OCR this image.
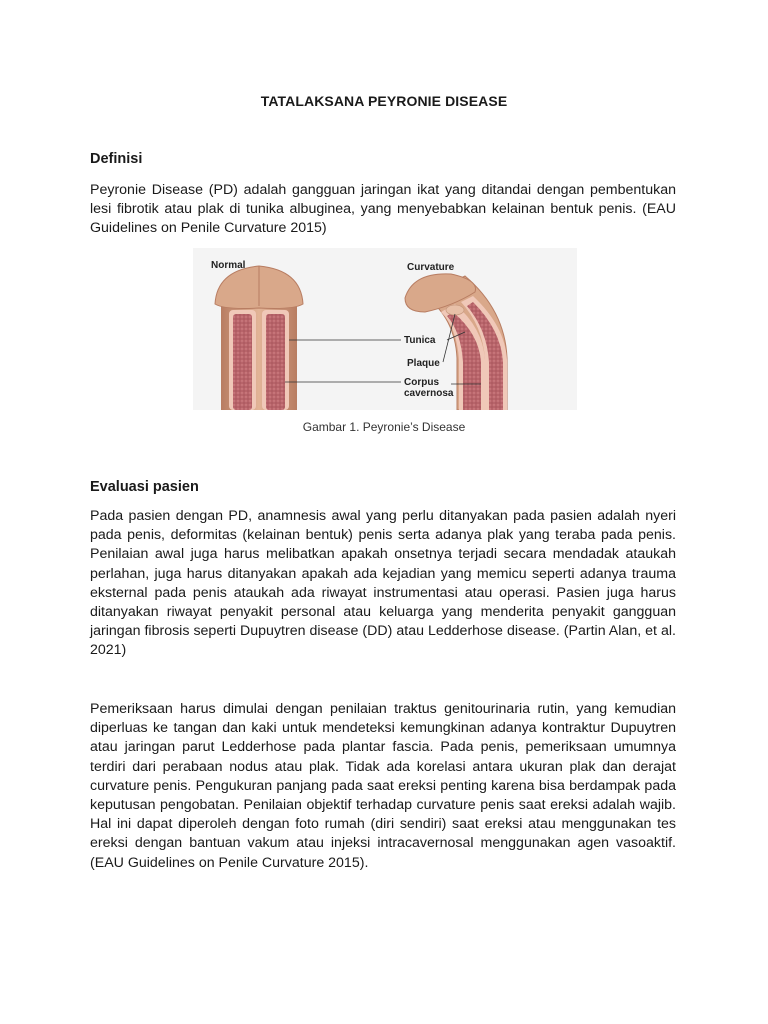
TATALAKSANA PEYRONIE DISEASE
Definisi

Peyronie Disease (PD) adalah gangguan jaringan ikat yang ditandai dengan pembentukan lesi fibrotik atau plak di tunika albuginea, yang menyebabkan kelainan bentuk penis. (EAU Guidelines on Penile Curvature 2015)

Normal	Curvature
Tunica
Plaque
Corpus
cavernosa
Gambar 1. Peyronie’s Disease
Evaluasi pasien

Pada pasien dengan PD, anamnesis awal yang perlu ditanyakan pada pasien adalah nyeri pada penis, deformitas (kelainan bentuk) penis serta adanya plak yang teraba pada penis. Penilaian awal juga harus melibatkan apakah onsetnya terjadi secara mendadak ataukah perlahan, juga harus ditanyakan apakah ada kejadian yang memicu seperti adanya trauma eksternal pada penis ataukah ada riwayat instrumentasi atau operasi. Pasien juga harus ditanyakan riwayat penyakit personal atau keluarga yang menderita penyakit gangguan jaringan fibrosis seperti Dupuytren disease (DD) atau Ledderhose disease. (Partin Alan, et al. 2021)

Pemeriksaan harus dimulai dengan penilaian traktus genitourinaria rutin, yang kemudian diperluas ke tangan dan kaki untuk mendeteksi kemungkinan adanya kontraktur Dupuytren atau jaringan parut Ledderhose pada plantar fascia. Pada penis, pemeriksaan umumnya terdiri dari perabaan nodus atau plak. Tidak ada korelasi antara ukuran plak dan derajat curvature penis. Pengukuran panjang pada saat ereksi penting karena bisa berdampak pada keputusan pengobatan. Penilaian objektif terhadap curvature penis saat ereksi adalah wajib. Hal ini dapat diperoleh dengan foto rumah (diri sendiri) saat ereksi atau menggunakan tes ereksi dengan bantuan vakum atau injeksi intracavernosal menggunakan agen vasoaktif. (EAU Guidelines on Penile Curvature 2015).
